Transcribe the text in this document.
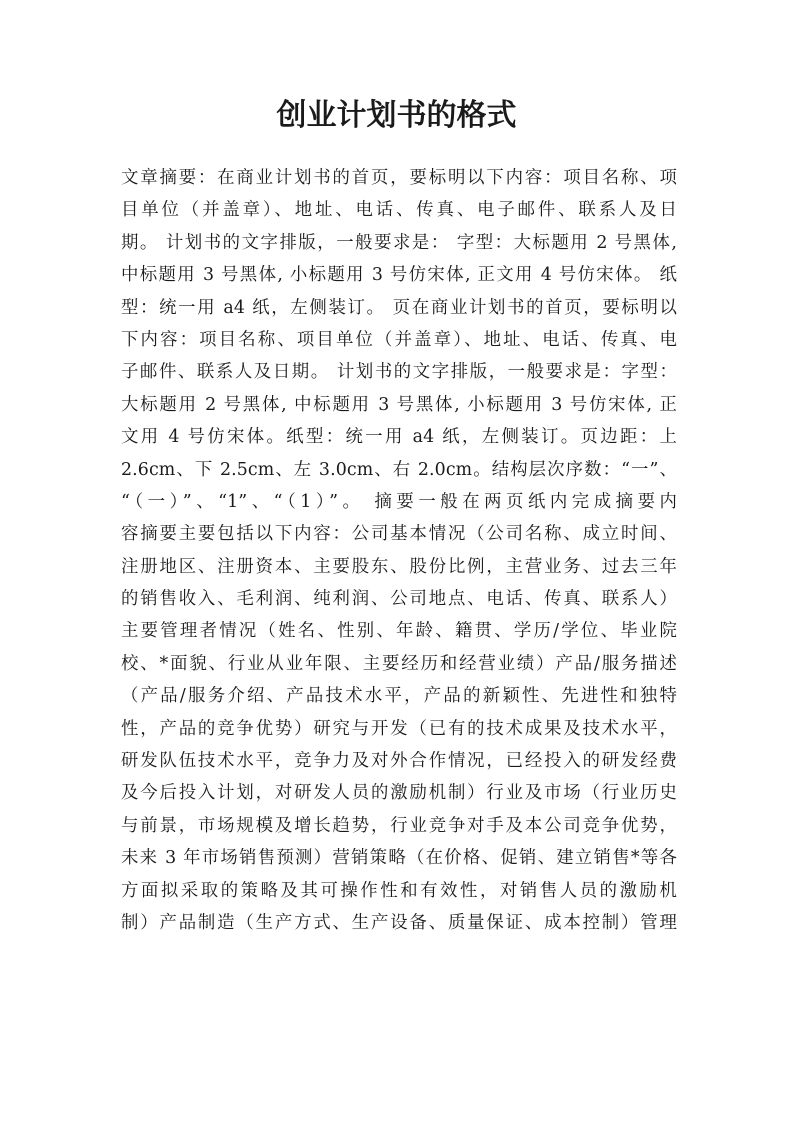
创业计划书的格式
文章摘要：在商业计划书的首页，要标明以下内容：项目名称、项
目单位（并盖章）、地址、电话、传真、电子邮件、联系人及日
期。 计划书的文字排版，一般要求是： 字型：大标题用 2 号黑体,
中标题用 3 号黑体, 小标题用 3 号仿宋体, 正文用 4 号仿宋体。 纸
型：统一用 a4 纸，左侧装订。 页在商业计划书的首页，要标明以
下内容：项目名称、项目单位（并盖章）、地址、电话、传真、电
子邮件、联系人及日期。 计划书的文字排版，一般要求是：字型：
大标题用 2 号黑体, 中标题用 3 号黑体, 小标题用 3 号仿宋体, 正
文用 4 号仿宋体。纸型：统一用 a4 纸，左侧装订。页边距：上
2.6cm、下 2.5cm、左 3.0cm、右 2.0cm。结构层次序数：“一”、
“（一）”、“1”、“（1）”。 摘要一般在两页纸内完成摘要内
容摘要主要包括以下内容：公司基本情况（公司名称、成立时间、
注册地区、注册资本、主要股东、股份比例，主营业务、过去三年
的销售收入、毛利润、纯利润、公司地点、电话、传真、联系人）
主要管理者情况（姓名、性别、年龄、籍贯、学历/学位、毕业院
校、*面貌、行业从业年限、主要经历和经营业绩）产品/服务描述
（产品/服务介绍、产品技术水平，产品的新颖性、先进性和独特
性，产品的竞争优势）研究与开发（已有的技术成果及技术水平，
研发队伍技术水平，竞争力及对外合作情况，已经投入的研发经费
及今后投入计划，对研发人员的激励机制）行业及市场（行业历史
与前景，市场规模及增长趋势，行业竞争对手及本公司竞争优势，
未来 3 年市场销售预测）营销策略（在价格、促销、建立销售*等各
方面拟采取的策略及其可操作性和有效性，对销售人员的激励机
制）产品制造（生产方式、生产设备、质量保证、成本控制）管理
